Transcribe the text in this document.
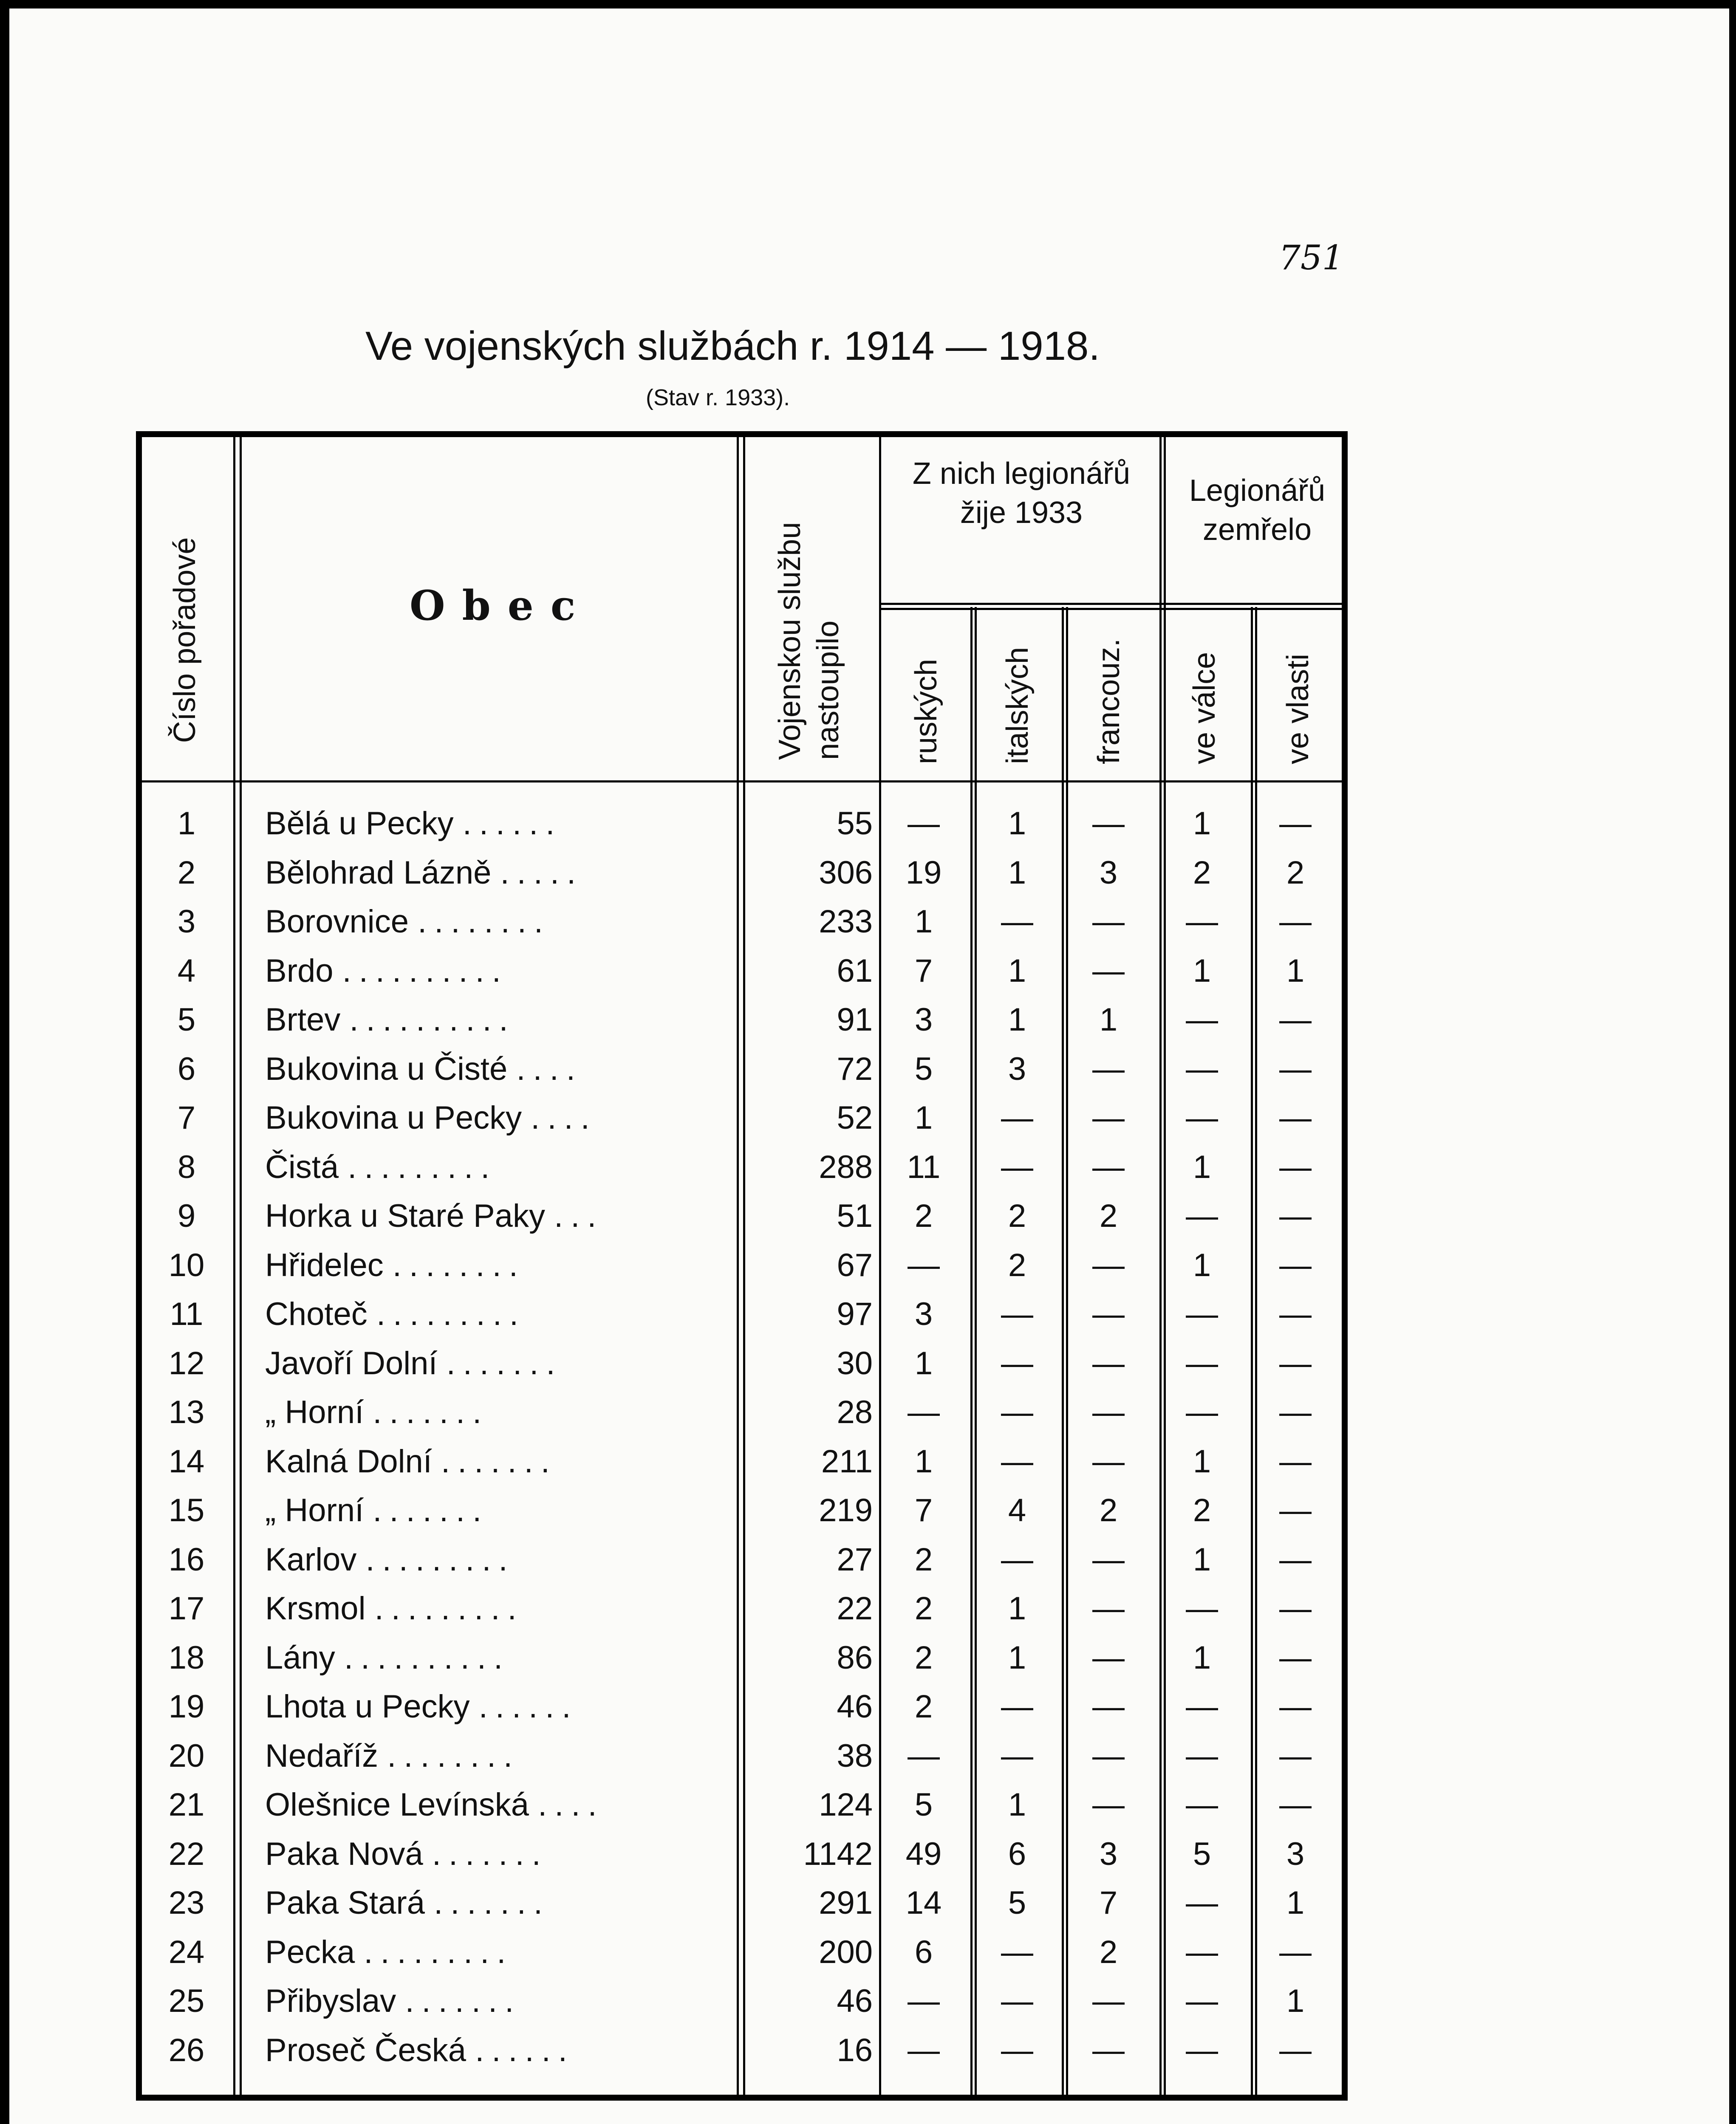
751
Ve vojenských službách r. 1914 — 1918.
(Stav r. 1933).
Číslo pořadové	Obec	Vojenskou službu nastoupilo
Z nich legionářů žije 1933
Legionářů zemřelo
ruských italských francouz. ve válce ve vlasti
1	Bělá u Pecky ......	55	—	1	—	1	—
2	Bělohrad Lázně .....	306	19	1	3	2	2
3	Borovnice ........	233	1	—	—	—	—
4	Brdo ..........	61	7	1	—	1	1
5	Brtev ..........	91	3	1	1	—	—
6	Bukovina u Čisté ....	72	5	3	—	—	—
7	Bukovina u Pecky ....	52	1	—	—	—	—
8	Čistá .........	288	11	—	—	1	—
9	Horka u Staré Paky ...	51	2	2	2	—	—
10	Hřidelec ........	67	—	2	—	1	—
11	Choteč .........	97	3	—	—	—	—
12	Javoří Dolní .......	30	1	—	—	—	—
13	„ Horní .......	28	—	—	—	—	—
14	Kalná Dolní .......	211	1	—	—	1	—
15	„ Horní .......	219	7	4	2	2	—
16	Karlov .........	27	2	—	—	1	—
17	Krsmol .........	22	2	1	—	—	—
18	Lány ..........	86	2	1	—	1	—
19	Lhota u Pecky ......	46	2	—	—	—	—
20	Nedaříž ........	38	—	—	—	—	—
21	Olešnice Levínská ....	124	5	1	—	—	—
22	Paka Nová .......	1142	49	6	3	5	3
23	Paka Stará .......	291	14	5	7	—	1
24	Pecka .........	200	6	—	2	—	—
25	Přibyslav .......	46	—	—	—	—	1
26	Proseč Česká ......	16	—	—	—	—	—
